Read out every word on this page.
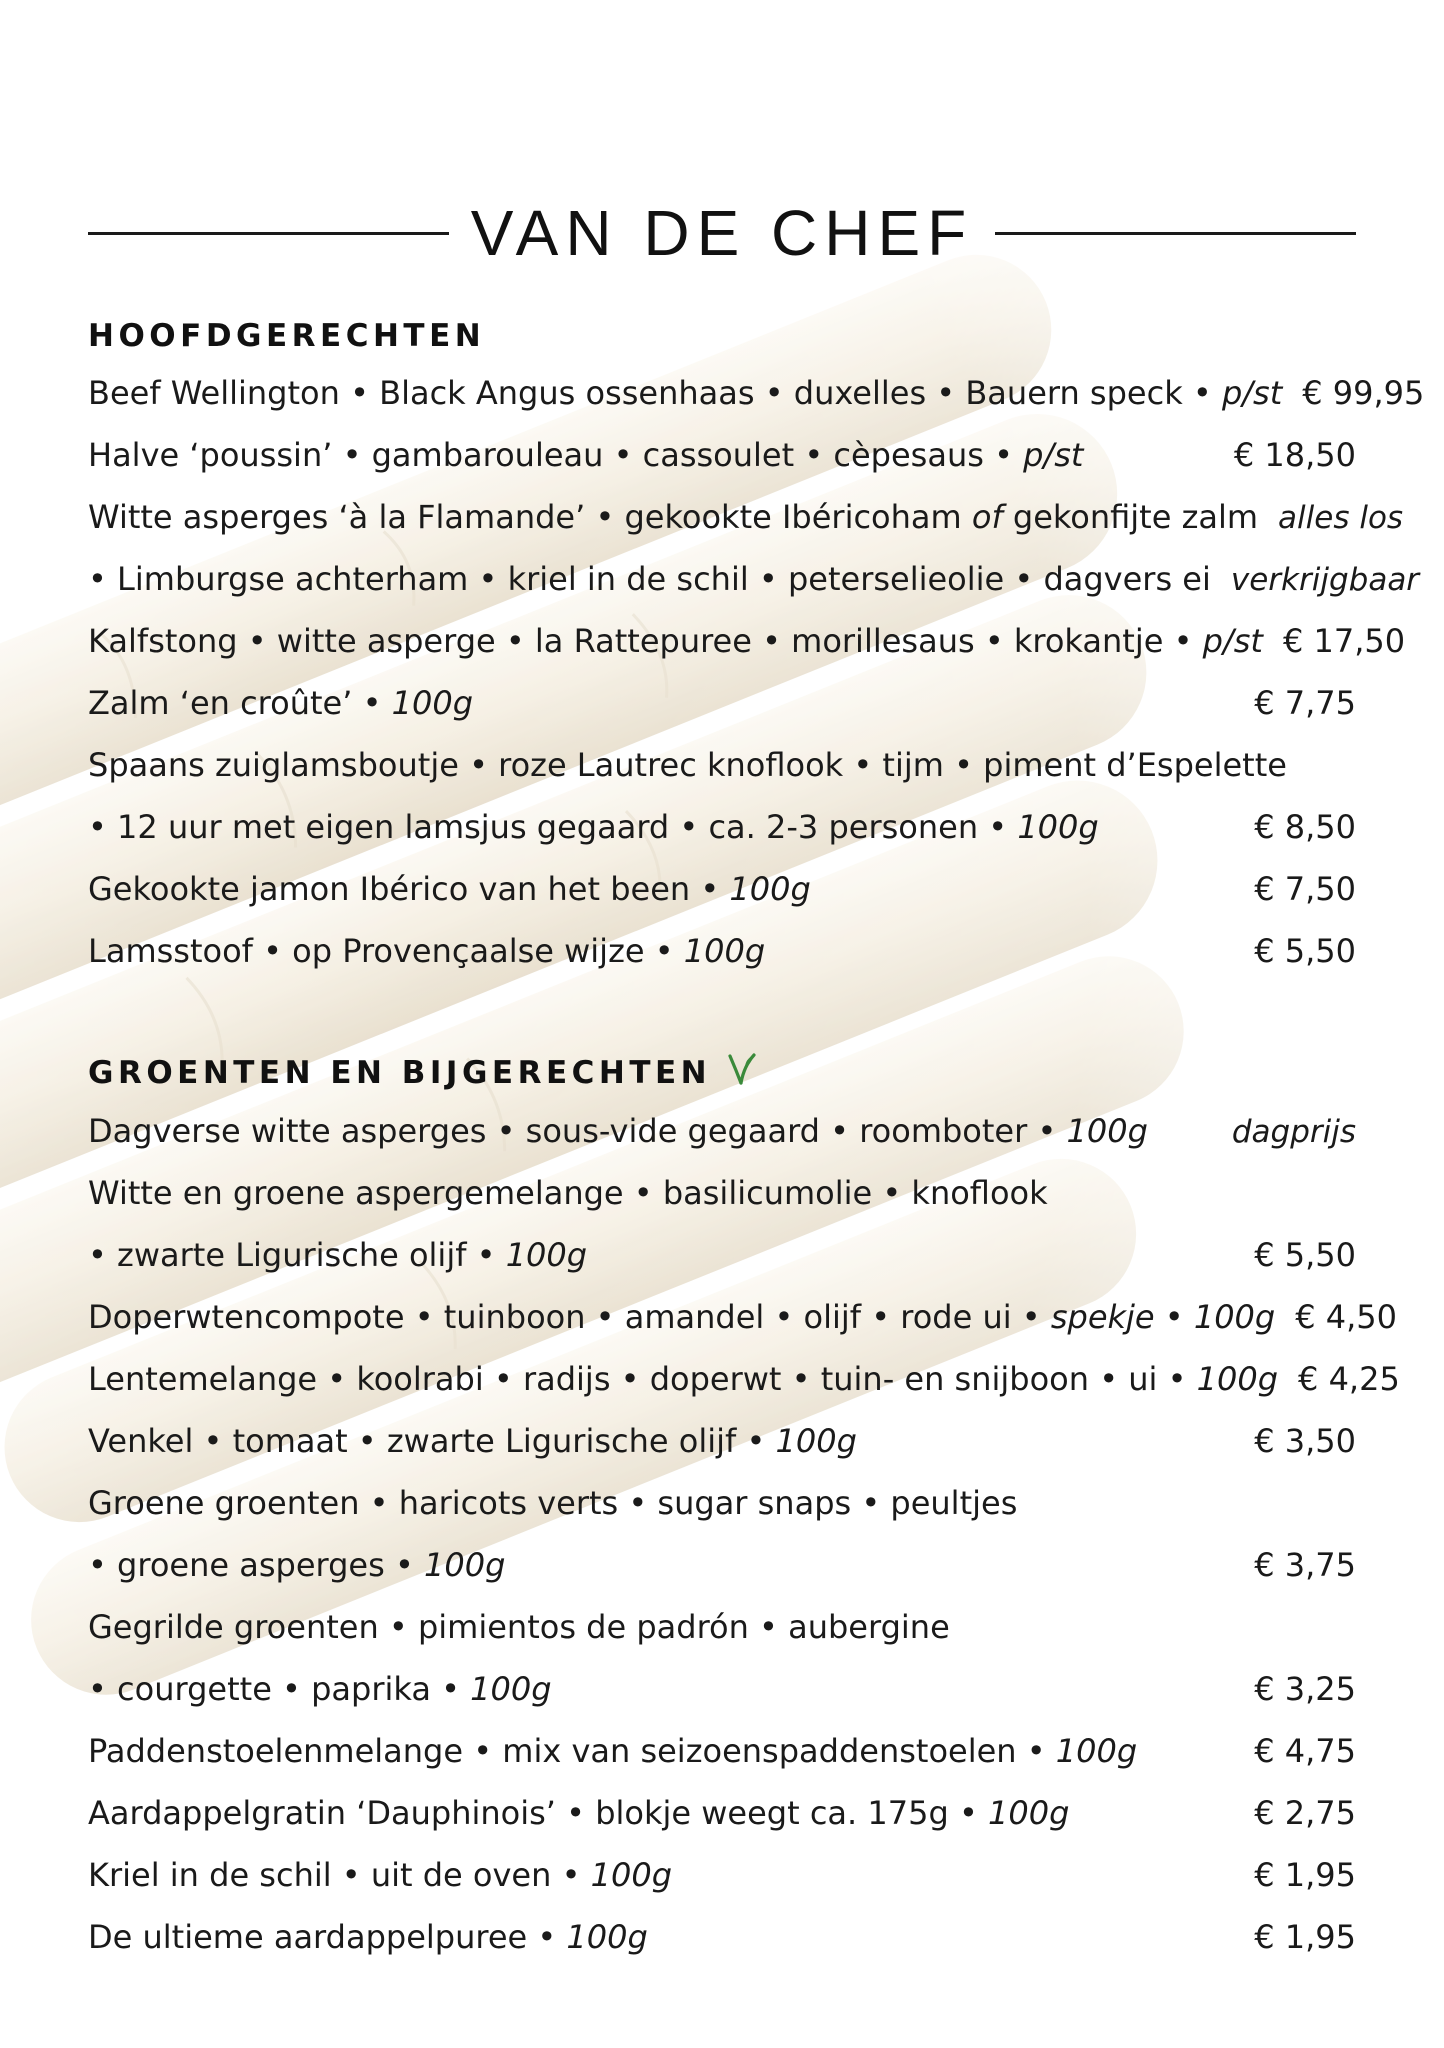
VAN DE CHEF
HOOFDGERECHTEN
Beef Wellington • Black Angus ossenhaas • duxelles • Bauern speck • p/st € 99,95
Halve ‘poussin’ • gambarouleau • cassoulet • cèpesaus • p/st	€ 18,50
Witte asperges ‘à la Flamande’ • gekookte Ibéricoham of gekonfijte zalm alles los
• Limburgse achterham • kriel in de schil • peterselieolie • dagvers ei verkrijgbaar
Kalfstong • witte asperge • la Rattepuree • morillesaus • krokantje • p/st € 17,50
Zalm ‘en croûte’ • 100g	€ 7,75
Spaans zuiglamsboutje • roze Lautrec knoflook • tijm • piment d’Espelette
• 12 uur met eigen lamsjus gegaard • ca. 2-3 personen • 100g	€ 8,50
Gekookte jamon Ibérico van het been • 100g	€ 7,50
Lamsstoof • op Provençaalse wijze • 100g	€ 5,50
GROENTEN EN BIJGERECHTEN
Dagverse witte asperges • sous-vide gegaard • roomboter • 100g	dagprijs
Witte en groene aspergemelange • basilicumolie • knoflook
• zwarte Ligurische olijf • 100g	€ 5,50
Doperwtencompote • tuinboon • amandel • olijf • rode ui • spekje • 100g € 4,50
Lentemelange • koolrabi • radijs • doperwt • tuin- en snijboon • ui • 100g € 4,25
Venkel • tomaat • zwarte Ligurische olijf • 100g	€ 3,50
Groene groenten • haricots verts • sugar snaps • peultjes
• groene asperges • 100g	€ 3,75
Gegrilde groenten • pimientos de padrón • aubergine
• courgette • paprika • 100g	€ 3,25
Paddenstoelenmelange • mix van seizoenspaddenstoelen • 100g	€ 4,75
Aardappelgratin ‘Dauphinois’ • blokje weegt ca. 175g • 100g	€ 2,75
Kriel in de schil • uit de oven • 100g	€ 1,95
De ultieme aardappelpuree • 100g	€ 1,95
